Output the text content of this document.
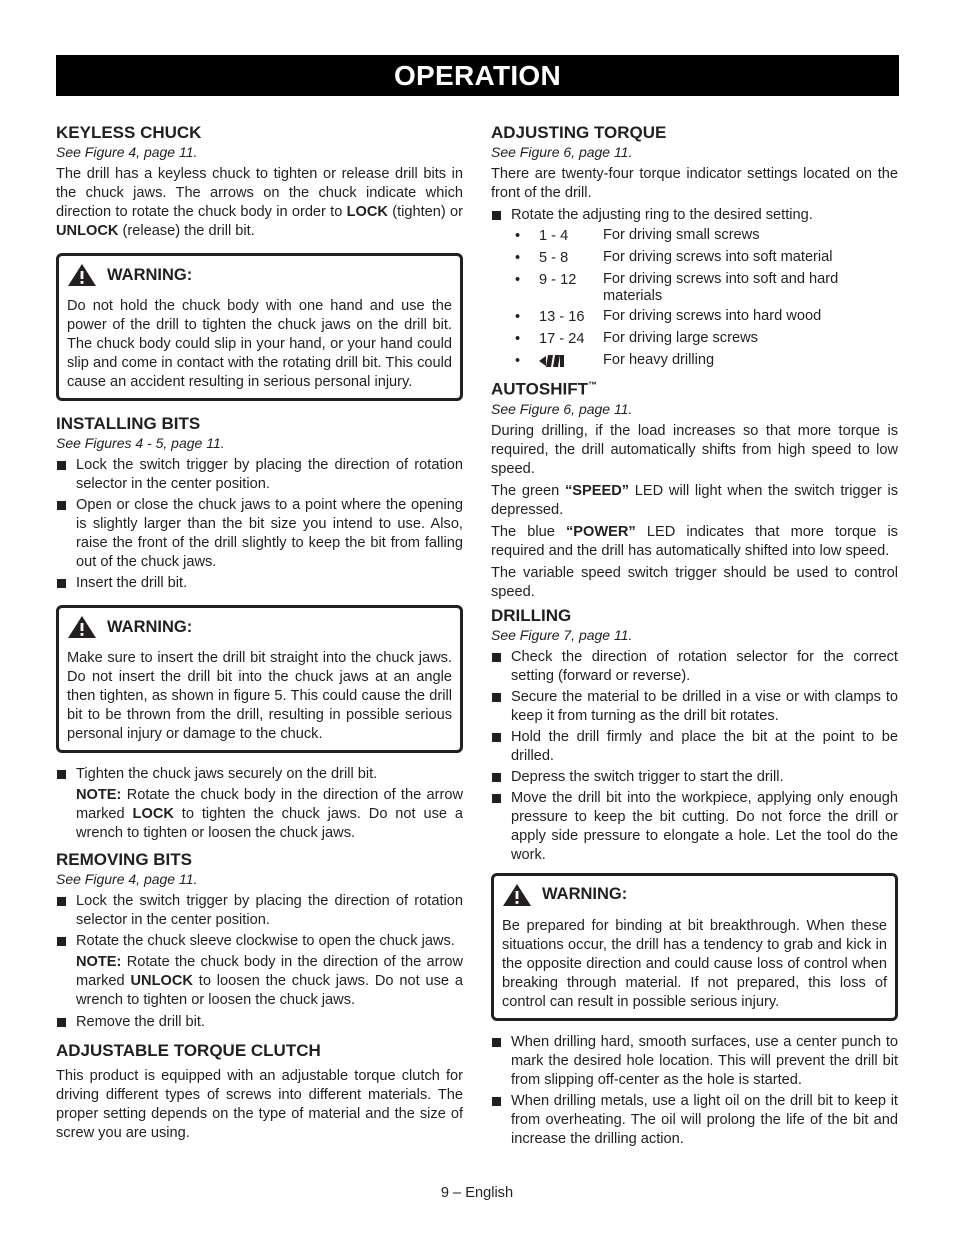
OPERATION
KEYLESS CHUCK
See Figure 4, page 11.

The drill has a keyless chuck to tighten or release drill bits in the chuck jaws. The arrows on the chuck indicate which direction to rotate the chuck body in order to LOCK (tighten) or UNLOCK (release) the drill bit.

WARNING:

Do not hold the chuck body with one hand and use the power of the drill to tighten the chuck jaws on the drill bit. The chuck body could slip in your hand, or your hand could slip and come in contact with the rotating drill bit. This could cause an accident resulting in serious personal injury.

INSTALLING BITS
See Figures 4 - 5, page 11.
Lock the switch trigger by placing the direction of rotation selector in the center position.
Open or close the chuck jaws to a point where the opening is slightly larger than the bit size you intend to use. Also, raise the front of the drill slightly to keep the bit from falling out of the chuck jaws.
Insert the drill bit.
WARNING:

Make sure to insert the drill bit straight into the chuck jaws. Do not insert the drill bit into the chuck jaws at an angle then tighten, as shown in figure 5. This could cause the drill bit to be thrown from the drill, resulting in possible serious personal injury or damage to the chuck.

Tighten the chuck jaws securely on the drill bit.
NOTE: Rotate the chuck body in the direction of the arrow marked LOCK to tighten the chuck jaws. Do not use a wrench to tighten or loosen the chuck jaws.
REMOVING BITS
See Figure 4, page 11.
Lock the switch trigger by placing the direction of rotation selector in the center position.
Rotate the chuck sleeve clockwise to open the chuck jaws.
NOTE: Rotate the chuck body in the direction of the arrow marked UNLOCK to loosen the chuck jaws. Do not use a wrench to tighten or loosen the chuck jaws.
Remove the drill bit.
ADJUSTABLE TORQUE CLUTCH

This product is equipped with an adjustable torque clutch for driving different types of screws into different materials. The proper setting depends on the type of material and the size of screw you are using.

ADJUSTING TORQUE
See Figure 6, page 11.

There are twenty-four torque indicator settings located on the front of the drill.

Rotate the adjusting ring to the desired setting.
•	1 - 4	For driving small screws
•	5 - 8	For driving screws into soft material
•	9 - 12	For driving screws into soft and hard materials
•	13 - 16	For driving screws into hard wood
•	17 - 24	For driving large screws
•	For heavy drilling
AUTOSHIFT™
See Figure 6, page 11.

During drilling, if the load increases so that more torque is required, the drill automatically shifts from high speed to low speed.

The green “SPEED” LED will light when the switch trigger is depressed.

The blue “POWER” LED indicates that more torque is required and the drill has automatically shifted into low speed.

The variable speed switch trigger should be used to control speed.

DRILLING
See Figure 7, page 11.
Check the direction of rotation selector for the correct setting (forward or reverse).
Secure the material to be drilled in a vise or with clamps to keep it from turning as the drill bit rotates.
Hold the drill firmly and place the bit at the point to be drilled.
Depress the switch trigger to start the drill.
Move the drill bit into the workpiece, applying only enough pressure to keep the bit cutting. Do not force the drill or apply side pressure to elongate a hole. Let the tool do the work.
WARNING:

Be prepared for binding at bit breakthrough. When these situations occur, the drill has a tendency to grab and kick in the opposite direction and could cause loss of control when breaking through material. If not prepared, this loss of control can result in possible serious injury.

When drilling hard, smooth surfaces, use a center punch to mark the desired hole location. This will prevent the drill bit from slipping off-center as the hole is started.
When drilling metals, use a light oil on the drill bit to keep it from overheating. The oil will prolong the life of the bit and increase the drilling action.
9 – English
